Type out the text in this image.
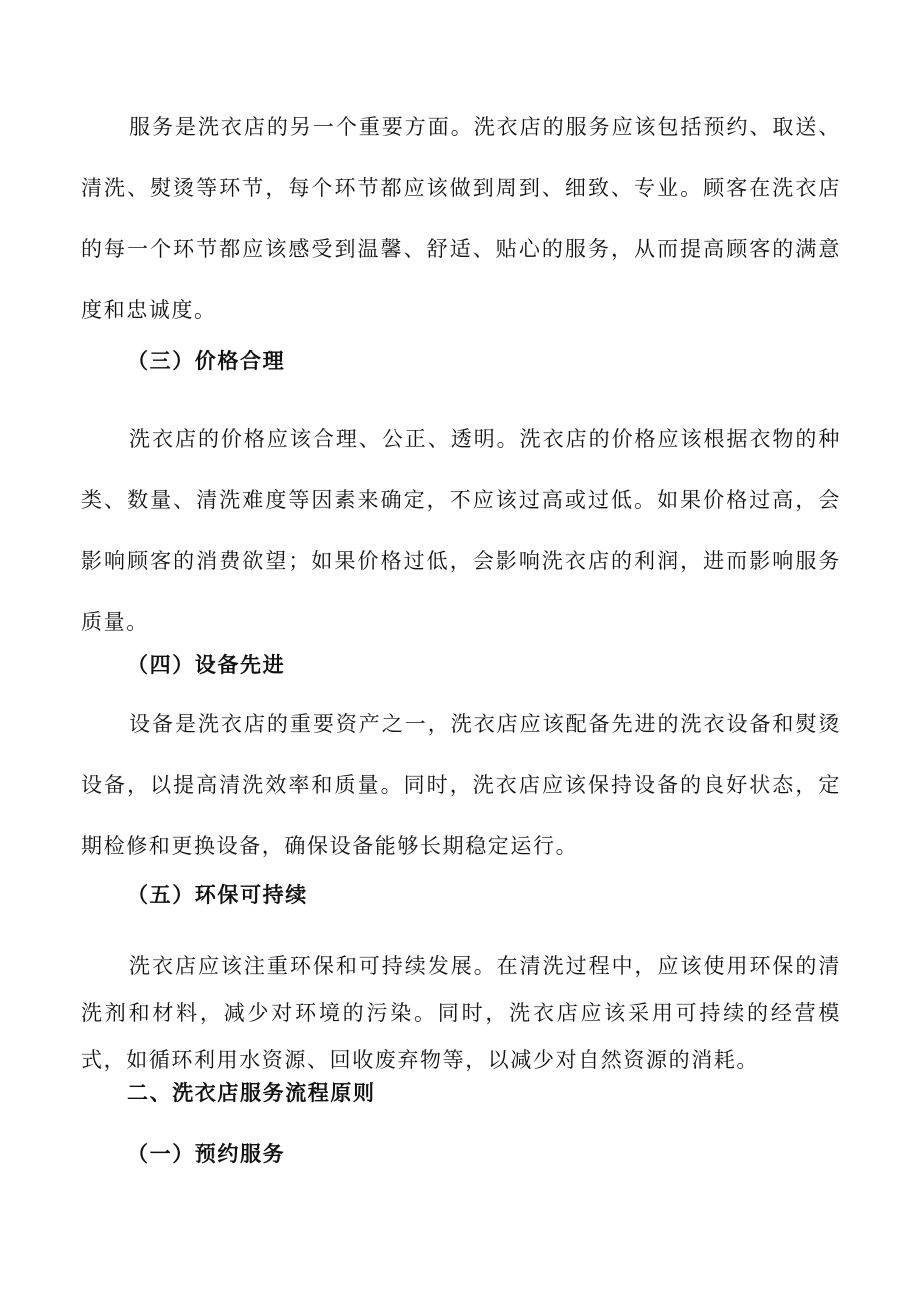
服务是洗衣店的另一个重要方面。洗衣店的服务应该包括预约、取送、清洗、熨烫等环节，每个环节都应该做到周到、细致、专业。顾客在洗衣店的每一个环节都应该感受到温馨、舒适、贴心的服务，从而提高顾客的满意度和忠诚度。

（三）价格合理

洗衣店的价格应该合理、公正、透明。洗衣店的价格应该根据衣物的种类、数量、清洗难度等因素来确定，不应该过高或过低。如果价格过高，会影响顾客的消费欲望；如果价格过低，会影响洗衣店的利润，进而影响服务质量。

（四）设备先进

设备是洗衣店的重要资产之一，洗衣店应该配备先进的洗衣设备和熨烫设备，以提高清洗效率和质量。同时，洗衣店应该保持设备的良好状态，定期检修和更换设备，确保设备能够长期稳定运行。

（五）环保可持续

洗衣店应该注重环保和可持续发展。在清洗过程中，应该使用环保的清洗剂和材料，减少对环境的污染。同时，洗衣店应该采用可持续的经营模式，如循环利用水资源、回收废弃物等，以减少对自然资源的消耗。

二、洗衣店服务流程原则
（一）预约服务
